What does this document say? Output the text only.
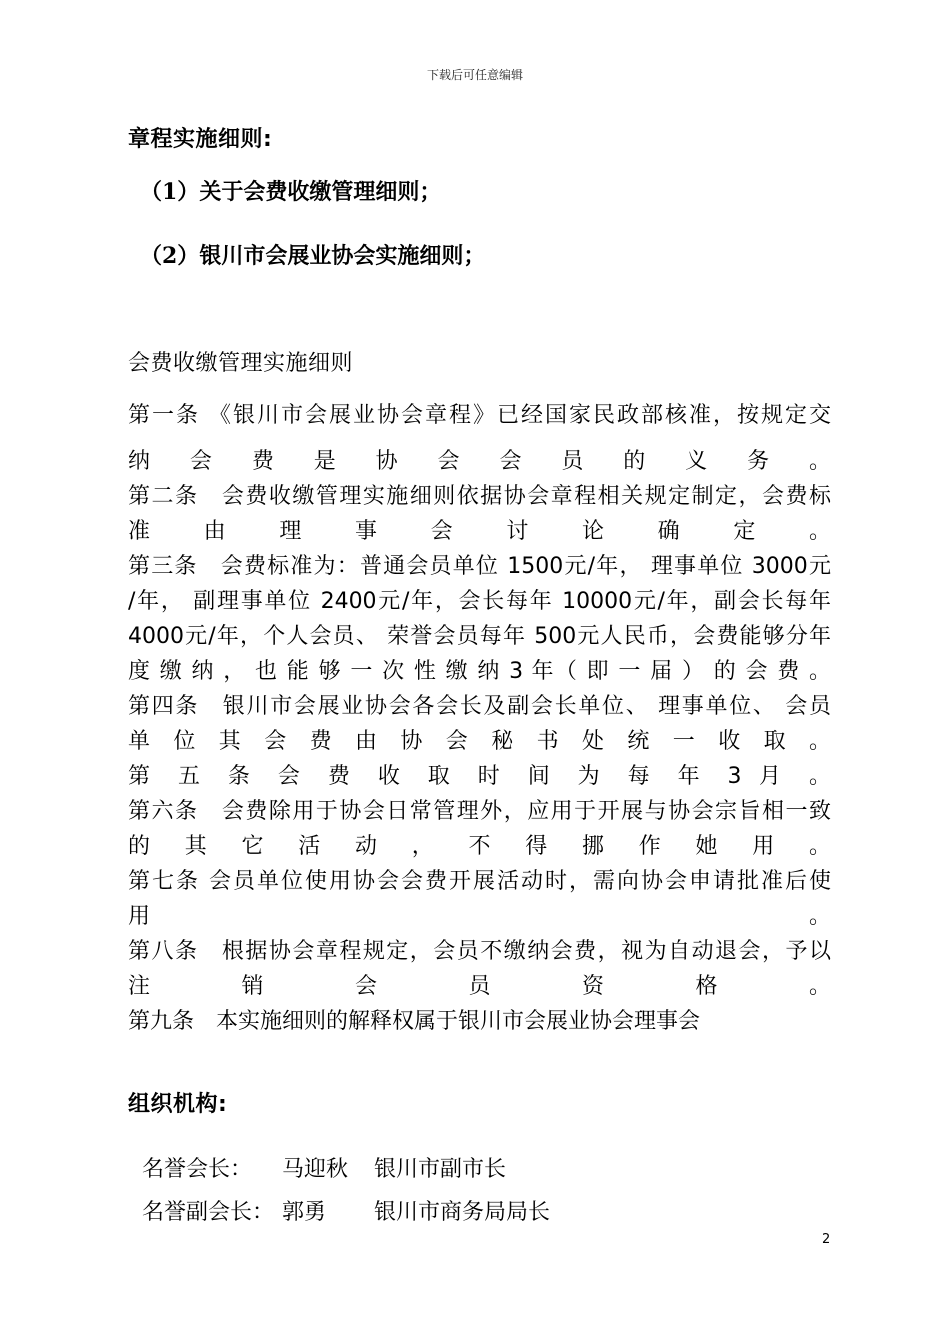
下载后可任意编辑
章程实施细则:
（1）关于会费收缴管理细则；
（2）银川市会展业协会实施细则；
会费收缴管理实施细则
第一条 《银川市会展业协会章程》已经国家民政部核准，按规定交
纳 会 费 是 协 会 会 员 的 义 务 。
第二条　会费收缴管理实施细则依据协会章程相关规定制定，会费标
准 由 理 事 会 讨 论 确 定 。
第三条　会费标准为：普通会员单位 1500元/年， 理事单位 3000元
/年， 副理事单位 2400元/年，会长每年 10000元/年，副会长每年
4000元/年，个人会员、 荣誉会员每年 500元人民币，会费能够分年
度 缴 纳 ， 也 能 够 一 次 性 缴 纳 3 年（ 即 一 届 ） 的 会 费 。
第四条　银川市会展业协会各会长及副会长单位、 理事单位、 会员
单 位 其 会 费 由 协 会 秘 书 处 统 一 收 取 。
第 五 条 会 费 收 取 时 间 为 每 年 3 月 。
第六条　会费除用于协会日常管理外，应用于开展与协会宗旨相一致
的 其 它 活 动 ， 不 得 挪 作 她 用 。
第七条 会员单位使用协会会费开展活动时，需向协会申请批准后使
用 。
第八条　根据协会章程规定，会员不缴纳会费，视为自动退会，予以
注 销 会 员 资 格 。
第九条　本实施细则的解释权属于银川市会展业协会理事会
组织机构:

名誉会长： 马迎秋 银川市副市长

名誉副会长： 郭勇 银川市商务局局长

2
